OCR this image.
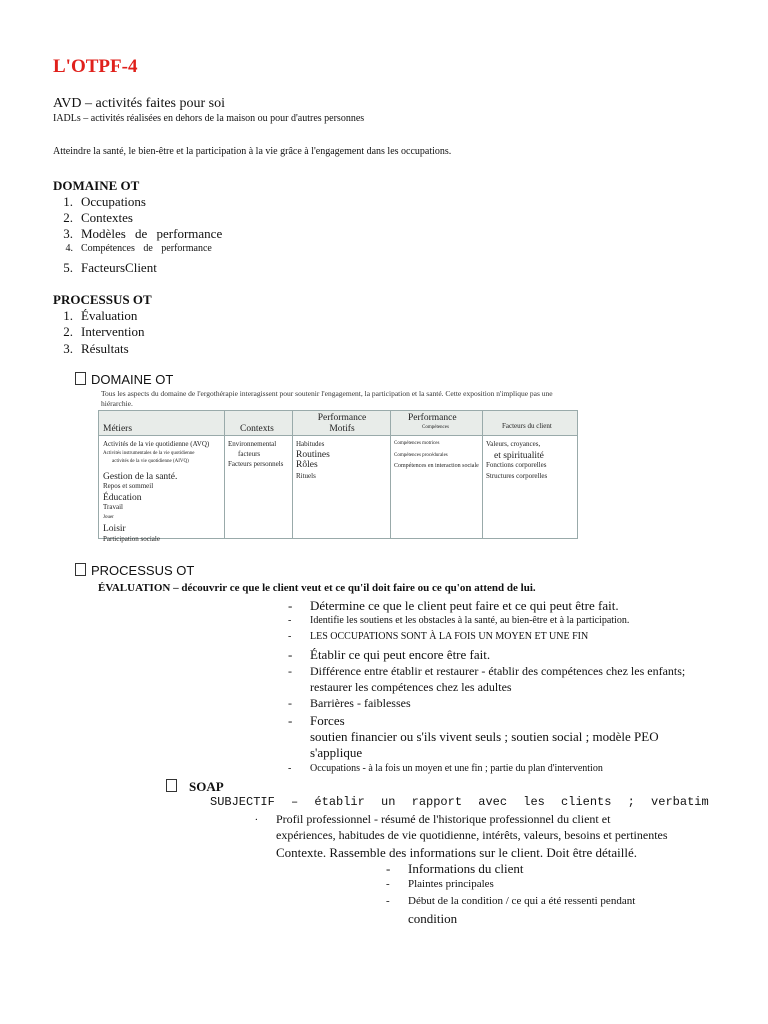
L'OTPF-4
AVD – activités faites pour soi
IADLs – activités réalisées en dehors de la maison ou pour d'autres personnes
Atteindre la santé, le bien-être et la participation à la vie grâce à l'engagement dans les occupations.
DOMAINE OT
1. Occupations
2. Contextes
3. Modèles de performance
4. Compétences de performance
5. FacteursClient
PROCESSUS OT
1. Évaluation
2. Intervention
3. Résultats
DOMAINE OT
Tous les aspects du domaine de l'ergothérapie interagissent pour soutenir l'engagement, la participation et la santé. Cette exposition n'implique pas une hiérarchie.
Métiers	Contexts
Performance Motifs
Performance
Compétences	Facteurs du client
Activités de la vie quotidienne (AVQ)
Activités instrumentales de la vie quotidienne
activités de la vie quotidienne (AIVQ)
Gestion de la santé.
Repos et sommeil
Éducation
Travail
Jouer
Loisir
Participation sociale
Environnemental
facteurs
Facteurs personnels
Habitudes
Routines
Rôles
Rituels
Compétences motrices
Compétences procédurales
Compétences en interaction sociale
Valeurs, croyances,
et spiritualité
Fonctions corporelles
Structures corporelles
PROCESSUS OT
ÉVALUATION – découvrir ce que le client veut et ce qu'il doit faire ou ce qu'on attend de lui.
- Détermine ce que le client peut faire et ce qui peut être fait.
- Identifie les soutiens et les obstacles à la santé, au bien-être et à la participation.
- LES OCCUPATIONS SONT À LA FOIS UN MOYEN ET UNE FIN
- Établir ce qui peut encore être fait.
- Différence entre établir et restaurer - établir des compétences chez les enfants;
restaurer les compétences chez les adultes
- Barrières - faiblesses
- Forces
soutien financier ou s'ils vivent seuls ; soutien social ; modèle PEO
s'applique
- Occupations - à la fois un moyen et une fin ; partie du plan d'intervention
SOAP
SUBJECTIF – établir un rapport avec les clients ; verbatim
. Profil professionnel - résumé de l'historique professionnel du client et
expériences, habitudes de vie quotidienne, intérêts, valeurs, besoins et pertinentes
Contexte. Rassemble des informations sur le client. Doit être détaillé.
- Informations du client
- Plaintes principales
- Début de la condition / ce qui a été ressenti pendant
condition
